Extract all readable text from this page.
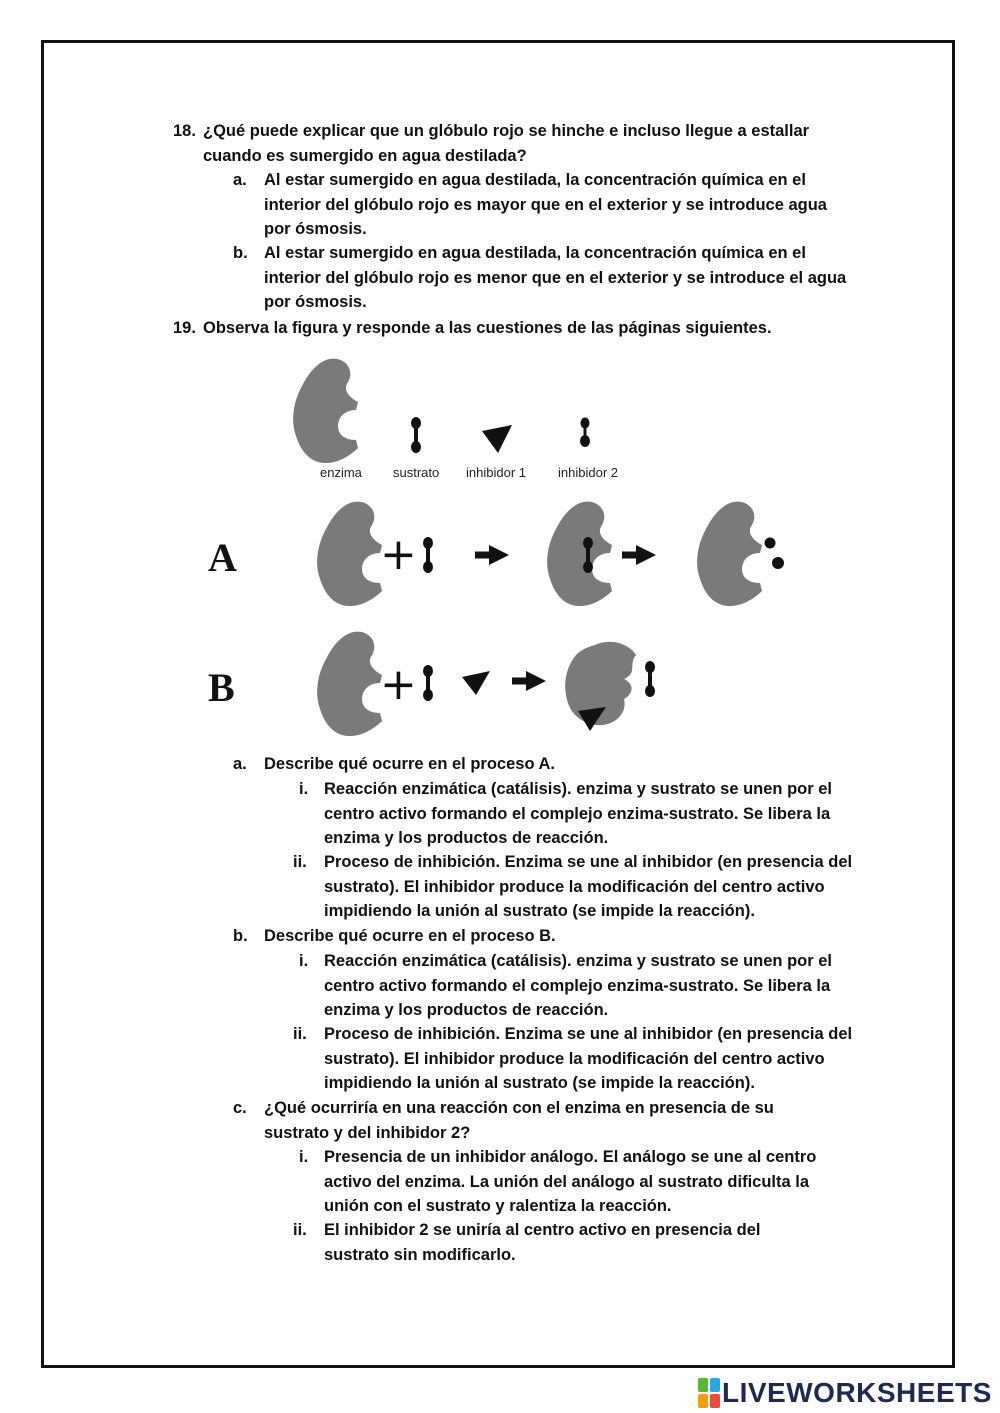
18. ¿Qué puede explicar que un glóbulo rojo se hinche e incluso llegue a estallar cuando es sumergido en agua destilada?
a. Al estar sumergido en agua destilada, la concentración química en el interior del glóbulo rojo es mayor que en el exterior y se introduce agua por ósmosis.
b. Al estar sumergido en agua destilada, la concentración química en el interior del glóbulo rojo es menor que en el exterior y se introduce el agua por ósmosis.
19. Observa la figura y responde a las cuestiones de las páginas siguientes.
enzima sustrato inhibidor 1 inhibidor 2
A	+
B	+
a. Describe qué ocurre en el proceso A.
i. Reacción enzimática (catálisis). enzima y sustrato se unen por el centro activo formando el complejo enzima-sustrato. Se libera la enzima y los productos de reacción.
ii. Proceso de inhibición. Enzima se une al inhibidor (en presencia del sustrato). El inhibidor produce la modificación del centro activo impidiendo la unión al sustrato (se impide la reacción).
b. Describe qué ocurre en el proceso B.
i. Reacción enzimática (catálisis). enzima y sustrato se unen por el centro activo formando el complejo enzima-sustrato. Se libera la enzima y los productos de reacción.
ii. Proceso de inhibición. Enzima se une al inhibidor (en presencia del sustrato). El inhibidor produce la modificación del centro activo impidiendo la unión al sustrato (se impide la reacción).
c. ¿Qué ocurriría en una reacción con el enzima en presencia de su sustrato y del inhibidor 2?
i. Presencia de un inhibidor análogo. El análogo se une al centro activo del enzima. La unión del análogo al sustrato dificulta la unión con el sustrato y ralentiza la reacción.
ii. El inhibidor 2 se uniría al centro activo en presencia del sustrato sin modificarlo.
LIVEWORKSHEETS
